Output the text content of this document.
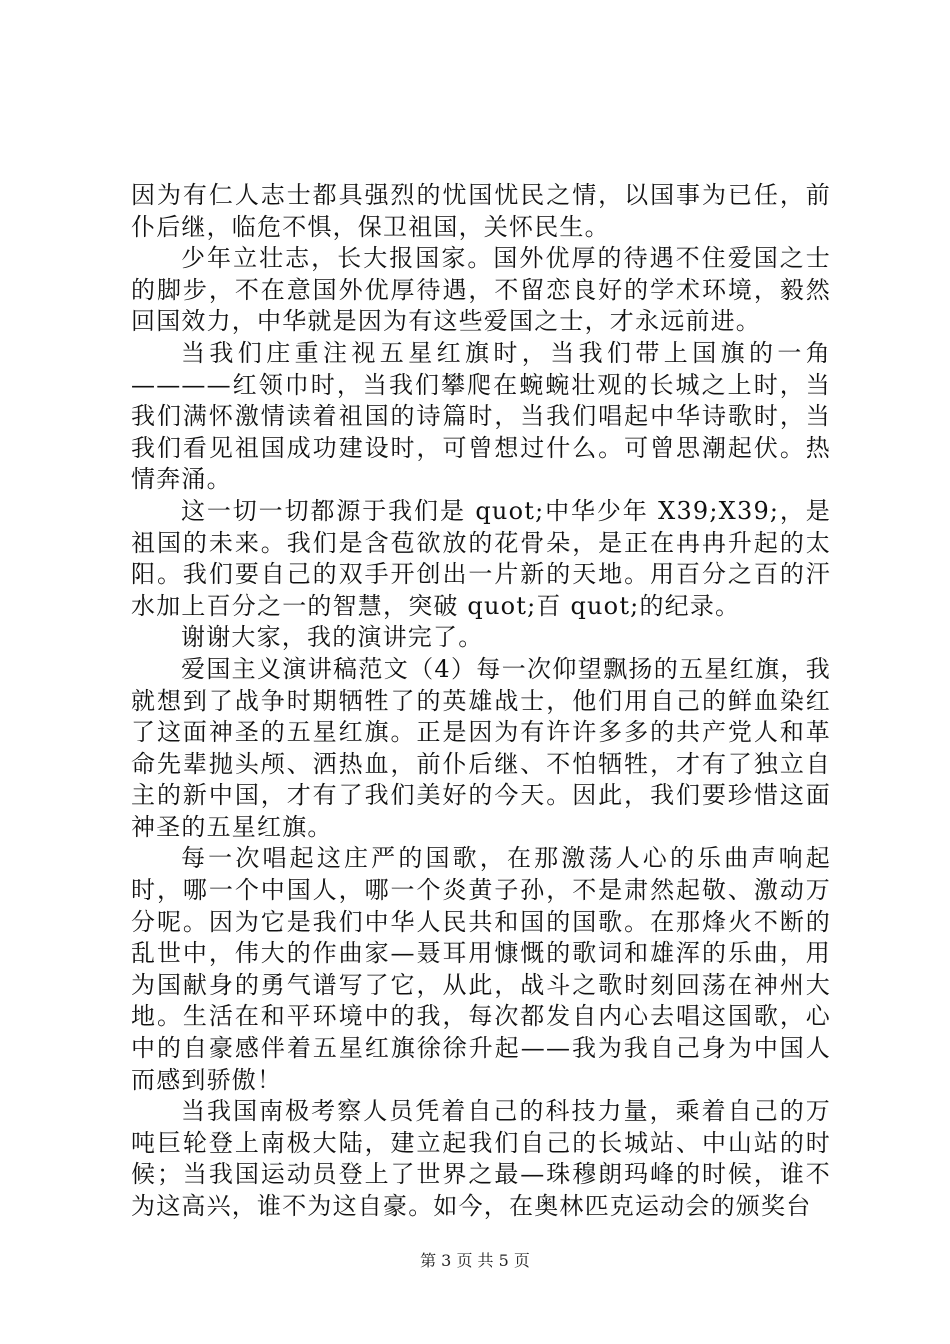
因为有仁人志士都具强烈的忧国忧民之情，以国事为已任，前仆后继，临危不惧，保卫祖国，关怀民生。

少年立壮志，长大报国家。国外优厚的待遇不住爱国之士的脚步，不在意国外优厚待遇，不留恋良好的学术环境，毅然回国效力，中华就是因为有这些爱国之士，才永远前进。

当我们庄重注视五星红旗时，当我们带上国旗的一角————红领巾时，当我们攀爬在蜿蜿壮观的长城之上时，当我们满怀激情读着祖国的诗篇时，当我们唱起中华诗歌时，当我们看见祖国成功建设时，可曾想过什么。可曾思潮起伏。热情奔涌。

这一切一切都源于我们是 quot;中华少年 X39;X39;，是祖国的未来。我们是含苞欲放的花骨朵，是正在冉冉升起的太阳。我们要自己的双手开创出一片新的天地。用百分之百的汗水加上百分之一的智慧，突破 quot;百 quot;的纪录。

谢谢大家，我的演讲完了。

爱国主义演讲稿范文（4）每一次仰望飘扬的五星红旗，我就想到了战争时期牺牲了的英雄战士，他们用自己的鲜血染红了这面神圣的五星红旗。正是因为有许许多多的共产党人和革命先辈抛头颅、洒热血，前仆后继、不怕牺牲，才有了独立自主的新中国，才有了我们美好的今天。因此，我们要珍惜这面神圣的五星红旗。

每一次唱起这庄严的国歌，在那激荡人心的乐曲声响起时，哪一个中国人，哪一个炎黄子孙，不是肃然起敬、激动万分呢。因为它是我们中华人民共和国的国歌。在那烽火不断的乱世中，伟大的作曲家—聂耳用慷慨的歌词和雄浑的乐曲，用为国献身的勇气谱写了它，从此，战斗之歌时刻回荡在神州大地。生活在和平环境中的我，每次都发自内心去唱这国歌，心中的自豪感伴着五星红旗徐徐升起——我为我自己身为中国人而感到骄傲！

当我国南极考察人员凭着自己的科技力量，乘着自己的万吨巨轮登上南极大陆，建立起我们自己的长城站、中山站的时候；当我国运动员登上了世界之最—珠穆朗玛峰的时候，谁不为这高兴，谁不为这自豪。如今，在奥林匹克运动会的颁奖台

第 3 页 共 5 页
